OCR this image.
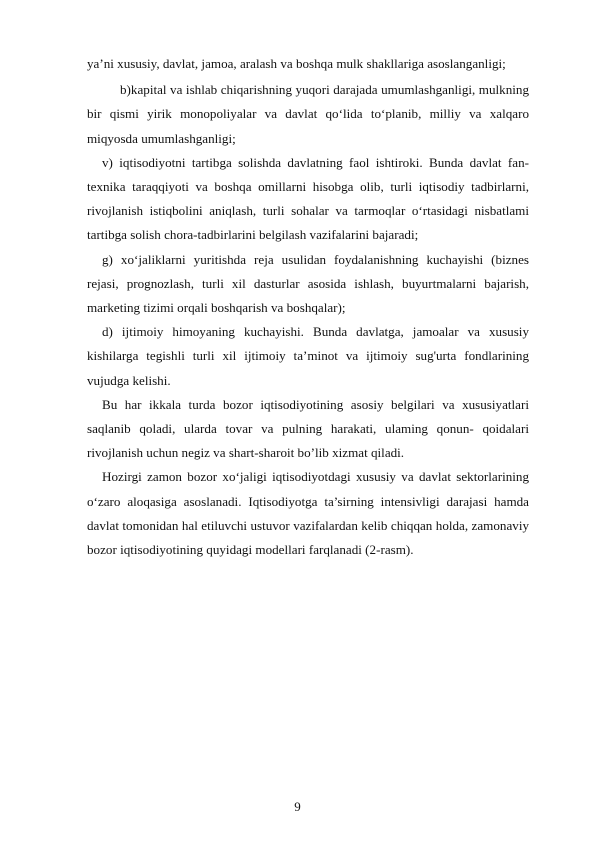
ya’ni xususiy, davlat, jamoa, aralash va boshqa mulk shakllariga asoslanganligi;

b)kapital va ishlab chiqarishning yuqori darajada umumlashganligi, mulkning bir qismi yirik monopoliyalar va davlat qo‘lida to‘planib, milliy va xalqaro miqyosda umumlashganligi;

v) iqtisodiyotni tartibga solishda davlatning faol ishtiroki. Bunda davlat fan-texnika taraqqiyoti va boshqa omillarni hisobga olib, turli iqtisodiy tadbirlarni, rivojlanish istiqbolini aniqlash, turli sohalar va tarmoqlar o‘rtasidagi nisbatlami tartibga solish chora-tadbirlarini belgilash vazifalarini bajaradi;

g) xo‘jaliklarni yuritishda reja usulidan foydalanishning kuchayishi (biznes rejasi, prognozlash, turli xil dasturlar asosida ishlash, buyurtmalarni bajarish, marketing tizimi orqali boshqarish va boshqalar);

d) ijtimoiy himoyaning kuchayishi. Bunda davlatga, jamoalar va xususiy kishilarga tegishli turli xil ijtimoiy ta’minot va ijtimoiy sug'urta fondlarining vujudga kelishi.

Bu har ikkala turda bozor iqtisodiyotining asosiy belgilari va xususiyatlari saqlanib qoladi, ularda tovar va pulning harakati, ulaming qonun- qoidalari rivojlanish uchun negiz va shart-sharoit bo’lib xizmat qiladi.

Hozirgi zamon bozor xo‘jaligi iqtisodiyotdagi xususiy va davlat sektorlarining o‘zaro aloqasiga asoslanadi. Iqtisodiyotga ta’sirning intensivligi darajasi hamda davlat tomonidan hal etiluvchi ustuvor vazifalardan kelib chiqqan holda, zamonaviy bozor iqtisodiyotining quyidagi modellari farqlanadi (2-rasm).

9
